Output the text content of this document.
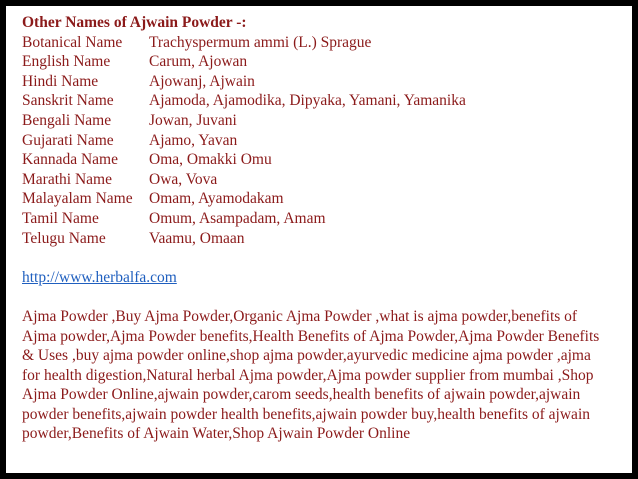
Other Names of Ajwain Powder -:

Botanical Name	Trachyspermum ammi (L.) Sprague
English Name	Carum, Ajowan
Hindi Name	Ajowanj, Ajwain
Sanskrit Name	Ajamoda, Ajamodika, Dipyaka, Yamani, Yamanika
Bengali Name	Jowan, Juvani
Gujarati Name	Ajamo, Yavan
Kannada Name	Oma, Omakki Omu
Marathi Name	Owa, Vova
Malayalam Name	Omam, Ayamodakam
Tamil Name	Omum, Asampadam, Amam
Telugu Name	Vaamu, Omaan
http://www.herbalfa.com

Ajma Powder ,Buy Ajma Powder,Organic Ajma Powder ,what is ajma powder,benefits of Ajma powder,Ajma Powder benefits,Health Benefits of Ajma Powder,Ajma Powder Benefits & Uses ,buy ajma powder online,shop ajma powder,ayurvedic medicine ajma powder ,ajma for health digestion,Natural herbal Ajma powder,Ajma powder supplier from mumbai ,Shop Ajma Powder Online,ajwain powder,carom seeds,health benefits of ajwain powder,ajwain powder benefits,ajwain powder health benefits,ajwain powder buy,health benefits of ajwain powder,Benefits of Ajwain Water,Shop Ajwain Powder Online
